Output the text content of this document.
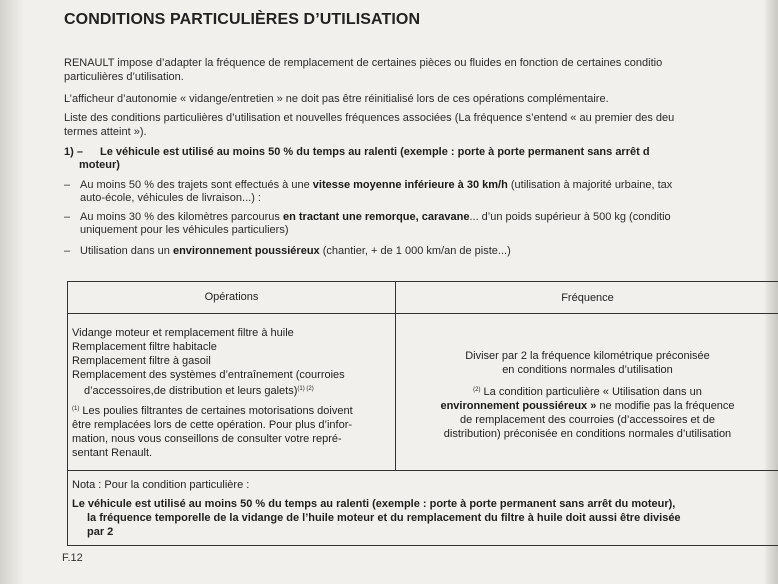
CONDITIONS PARTICULIÈRES D’UTILISATION
RENAULT impose d’adapter la fréquence de remplacement de certaines pièces ou fluides en fonction de certaines conditio
particulières d’utilisation.
L’afficheur d’autonomie « vidange/entretien » ne doit pas être réinitialisé lors de ces opérations complémentaire.
Liste des conditions particulières d’utilisation et nouvelles fréquences associées (La fréquence s’entend « au premier des deu
termes atteint »).
1) – Le véhicule est utilisé au moins 50 % du temps au ralenti (exemple : porte à porte permanent sans arrêt d
moteur)
– Au moins 50 % des trajets sont effectués à une vitesse moyenne inférieure à 30 km/h (utilisation à majorité urbaine, tax
auto-école, véhicules de livraison...) :
– Au moins 30 % des kilomètres parcourus en tractant une remorque, caravane... d’un poids supérieur à 500 kg (conditio
uniquement pour les véhicules particuliers)
– Utilisation dans un environnement poussiéreux (chantier, + de 1 000 km/an de piste...)
Opérations	Fréquence
Vidange moteur et remplacement filtre à huile
Remplacement filtre habitacle
Remplacement filtre à gasoil
Remplacement des systèmes d’entraînement (courroies
d’accessoires,de distribution et leurs galets)$^{(1) (2)}$
$^{(1)}$ Les poulies filtrantes de certaines motorisations doivent
être remplacées lors de cette opération. Pour plus d’infor-
mation, nous vous conseillons de consulter votre repré-
sentant Renault.
Diviser par 2 la fréquence kilométrique préconisée
en conditions normales d’utilisation
$^{(2)}$ La condition particulière « Utilisation dans un
environnement poussiéreux » ne modifie pas la fréquence
de remplacement des courroies (d’accessoires et de
distribution) préconisée en conditions normales d’utilisation
Nota : Pour la condition particulière :
Le véhicule est utilisé au moins 50 % du temps au ralenti (exemple : porte à porte permanent sans arrêt du moteur),
la fréquence temporelle de la vidange de l’huile moteur et du remplacement du filtre à huile doit aussi être divisée
par 2
F.12
